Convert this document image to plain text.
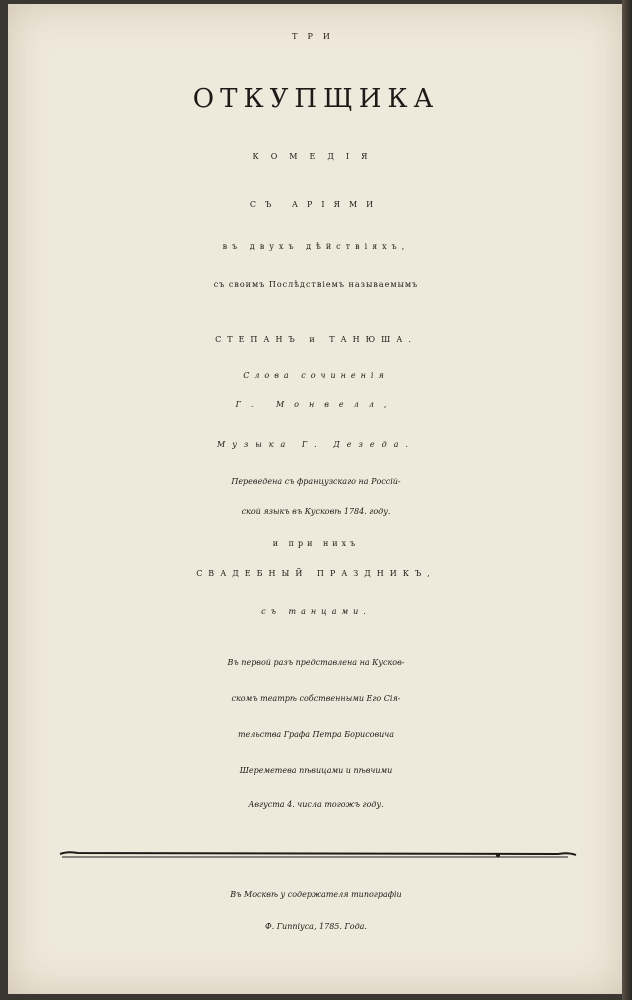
ТРИ
ОТКУПЩИКА
КОМЕДIЯ
СЪ АРIЯМИ
въ двухъ дѣйствiяхъ,
съ своимъ Послѣдствiемъ называемымъ
СТЕПАНЪ и ТАНЮША.
Слова сочиненiя
Г. Монвелл,
Музыка Г. Дезеда.
Переведена съ французскаго на Россiй-
ской языкъ въ Кусковѣ 1784. году.
и при нихъ
СВАДЕБНЫЙ ПРАЗДНИКЪ,
съ танцами.
Въ первой разъ представлена на Кусков-
скомъ театрѣ собственными Его Сiя-
тельства Графа Петра Борисовича
Шереметева пѣвицами и пѣвчими
Августа 4. числа тогожъ году.
Въ Москвѣ у содержателя типографiи
Ф. Гиппiуса, 1785. Года.
